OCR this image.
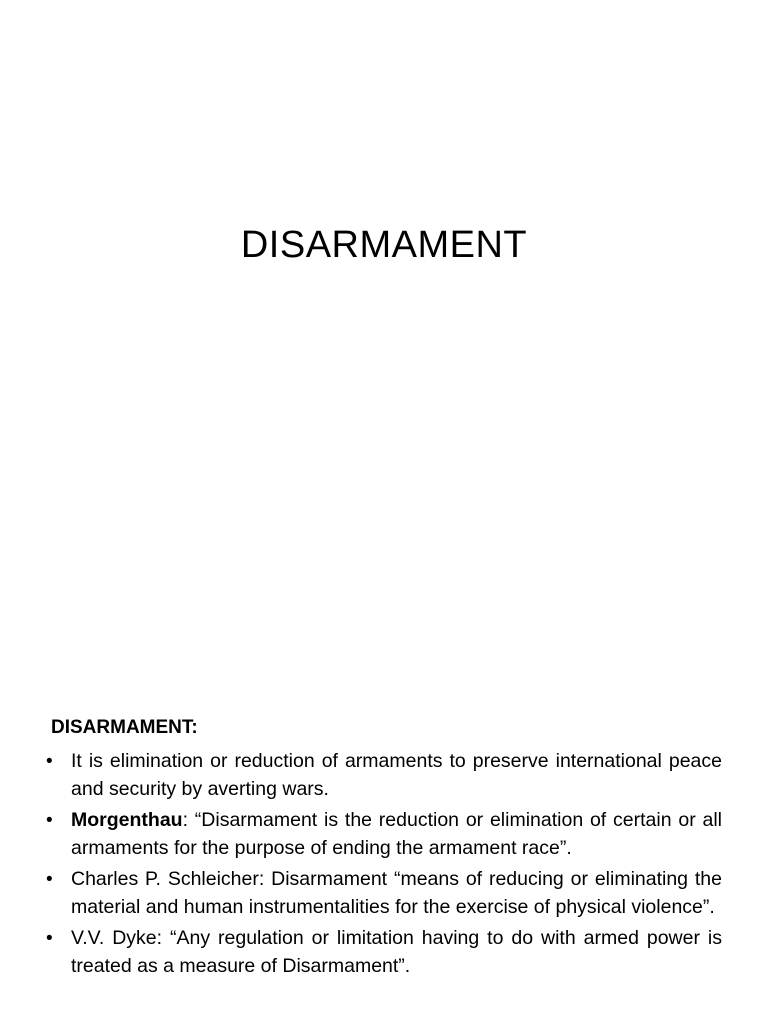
DISARMAMENT
DISARMAMENT:
• It is elimination or reduction of armaments to preserve international peace and security by averting wars.
• Morgenthau: “Disarmament is the reduction or elimination of certain or all armaments for the purpose of ending the armament race”.
• Charles P. Schleicher: Disarmament “means of reducing or eliminating the material and human instrumentalities for the exercise of physical violence”.
• V.V. Dyke: “Any regulation or limitation having to do with armed power is treated as a measure of Disarmament”.
